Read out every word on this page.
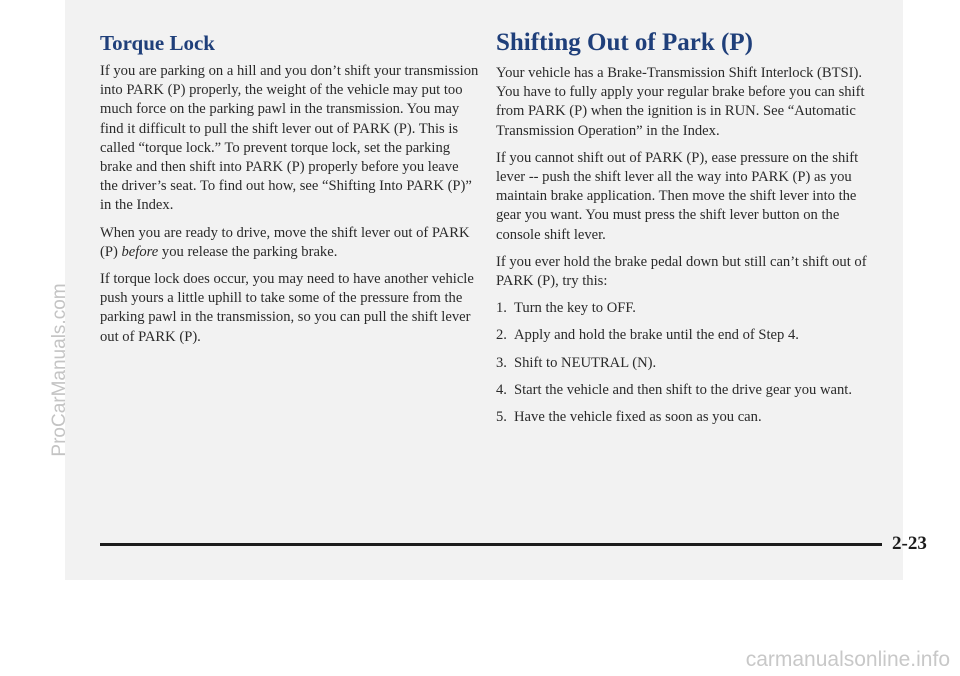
Torque Lock

If you are parking on a hill and you don’t shift your transmission into PARK (P) properly, the weight of the vehicle may put too much force on the parking pawl in the transmission. You may find it difficult to pull the shift lever out of PARK (P). This is called “torque lock.” To prevent torque lock, set the parking brake and then shift into PARK (P) properly before you leave the driver’s seat. To find out how, see “Shifting Into PARK (P)” in the Index.

When you are ready to drive, move the shift lever out of PARK (P) before you release the parking brake.

If torque lock does occur, you may need to have another vehicle push yours a little uphill to take some of the pressure from the parking pawl in the transmission, so you can pull the shift lever out of PARK (P).

Shifting Out of Park (P)

Your vehicle has a Brake-Transmission Shift Interlock (BTSI). You have to fully apply your regular brake before you can shift from PARK (P) when the ignition is in RUN. See “Automatic Transmission Operation” in the Index.

If you cannot shift out of PARK (P), ease pressure on the shift lever -- push the shift lever all the way into PARK (P) as you maintain brake application. Then move the shift lever into the gear you want. You must press the shift lever button on the console shift lever.

If you ever hold the brake pedal down but still can’t shift out of PARK (P), try this:

1. Turn the key to OFF.
2. Apply and hold the brake until the end of Step 4.
3. Shift to NEUTRAL (N).
4. Start the vehicle and then shift to the drive gear you want.
5. Have the vehicle fixed as soon as you can.
2-23
ProCarManuals.com
carmanualsonline.info
